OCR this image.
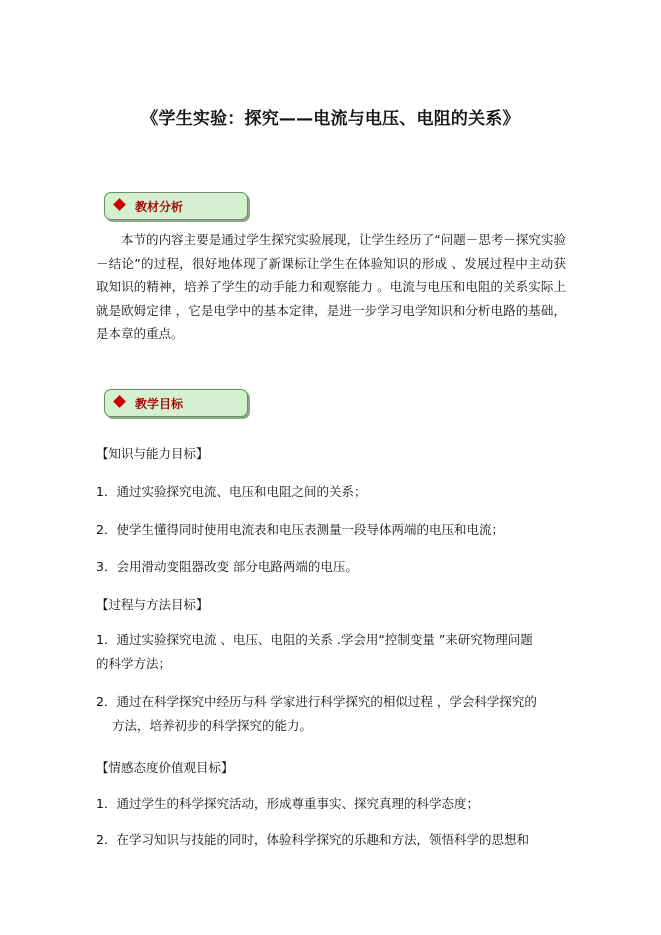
《学生实验：探究——电流与电压、电阻的关系》
教材分析

本节的内容主要是通过学生探究实验展现，让学生经历了“问题－思考－探究实验－结论”的过程，很好地体现了新课标让学生在体验知识的形成 、发展过程中主动获取知识的精神，培养了学生的动手能力和观察能力 。电流与电压和电阻的关系实际上就是欧姆定律 ，它是电学中的基本定律，是进一步学习电学知识和分析电路的基础，是本章的重点。

教学目标
【知识与能力目标】
1．通过实验探究电流、电压和电阻之间的关系；
2．使学生懂得同时使用电流表和电压表测量一段导体两端的电压和电流；
3．会用滑动变阻器改变 部分电路两端的电压。
【过程与方法目标】
1．通过实验探究电流 、电压、电阻的关系 .学会用“控制变量 ”来研究物理问题
的科学方法；
2．通过在科学探究中经历与科 学家进行科学探究的相似过程 ，学会科学探究的
方法，培养初步的科学探究的能力。
【情感态度价值观目标】
1．通过学生的科学探究活动，形成尊重事实、探究真理的科学态度；
2．在学习知识与技能的同时，体验科学探究的乐趣和方法，领悟科学的思想和
